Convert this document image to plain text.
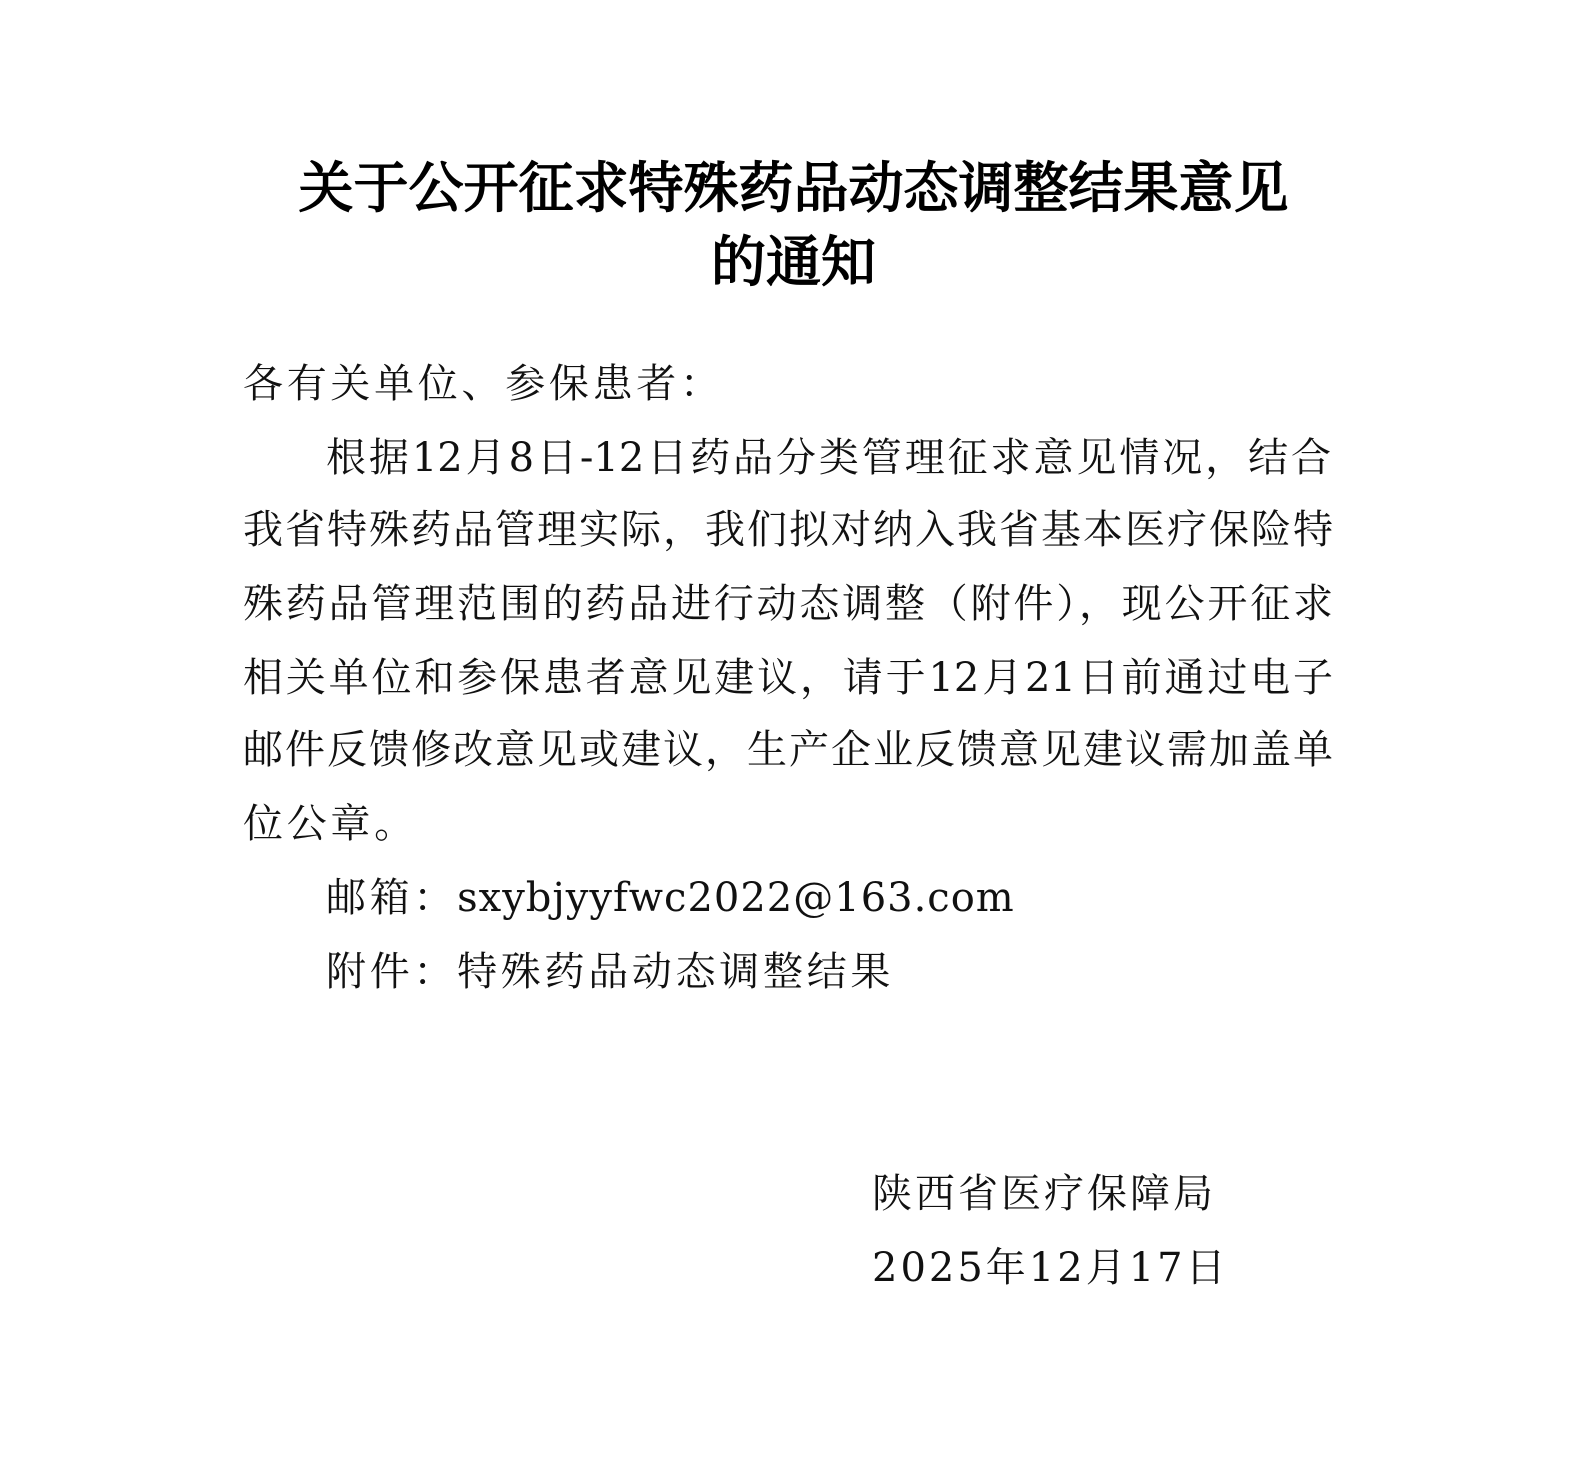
关于公开征求特殊药品动态调整结果意见
的通知
各有关单位、参保患者：
根据12月8日-12日药品分类管理征求意见情况，结合
我省特殊药品管理实际，我们拟对纳入我省基本医疗保险特
殊药品管理范围的药品进行动态调整（附件），现公开征求
相关单位和参保患者意见建议，请于12月21日前通过电子
邮件反馈修改意见或建议，生产企业反馈意见建议需加盖单
位公章。
邮箱：sxybjyyfwc2022@163.com
附件：特殊药品动态调整结果
陕西省医疗保障局
2025年12月17日
